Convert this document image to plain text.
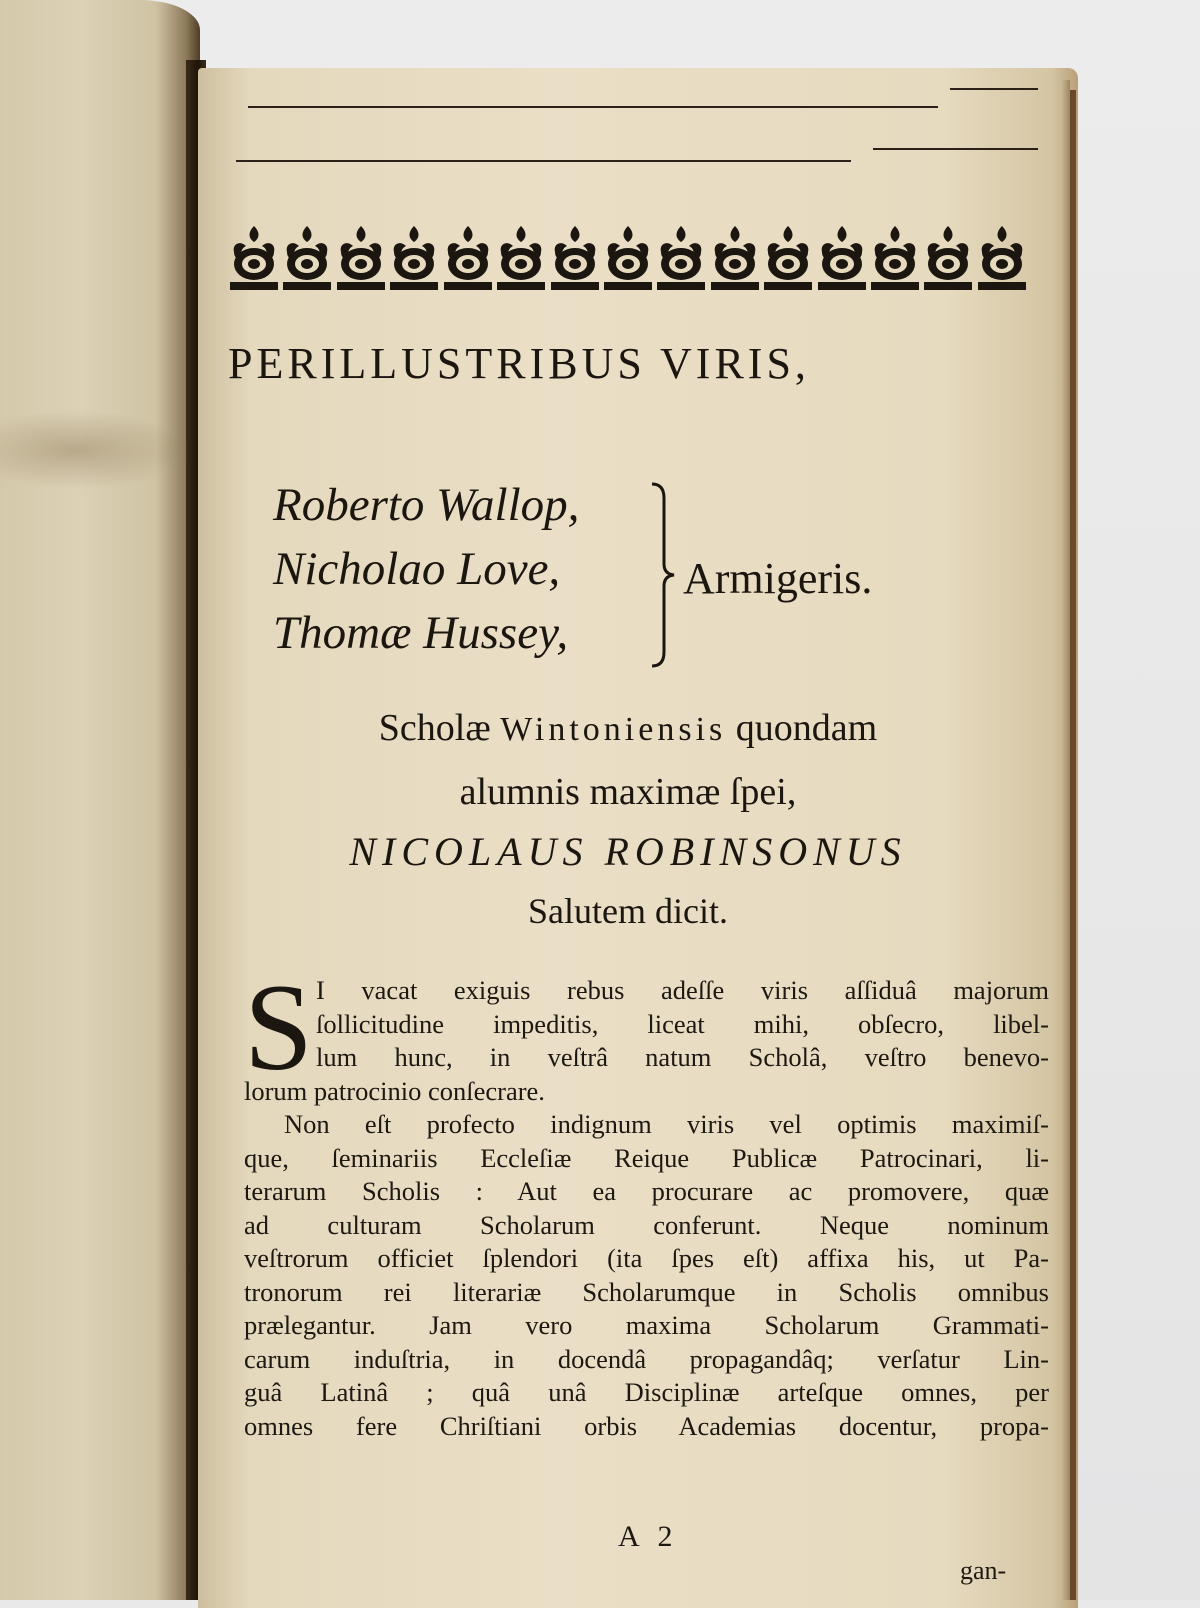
PERILLUSTRIBUS VIRIS,
Roberto Wallop,
Nicholao Love,
Thomæ Hussey,
Armigeris.
Scholæ Wintoniensis quondam
alumnis maximæ ſpei,
NICOLAUS ROBINSONUS
Salutem dicit.
S I vacat exiguis rebus adeſſe viris aſſiduâ majorum
ſollicitudine impeditis, liceat mihi, obſecro, libel-
lum hunc, in veſtrâ natum Scholâ, veſtro benevo-
lorum patrocinio conſecrare.
Non eſt profecto indignum viris vel optimis maximiſ-
que, ſeminariis Eccleſiæ Reique Publicæ Patrocinari, li-
terarum Scholis : Aut ea procurare ac promovere, quæ
ad culturam Scholarum conferunt. Neque nominum
veſtrorum officiet ſplendori (ita ſpes eſt) affixa his, ut Pa-
tronorum rei literariæ Scholarumque in Scholis omnibus
prælegantur. Jam vero maxima Scholarum Grammati-
carum induſtria, in docendâ propagandâq; verſatur Lin-
guâ Latinâ ; quâ unâ Disciplinæ arteſque omnes, per
omnes fere Chriſtiani orbis Academias docentur, propa-
A 2
gan-
